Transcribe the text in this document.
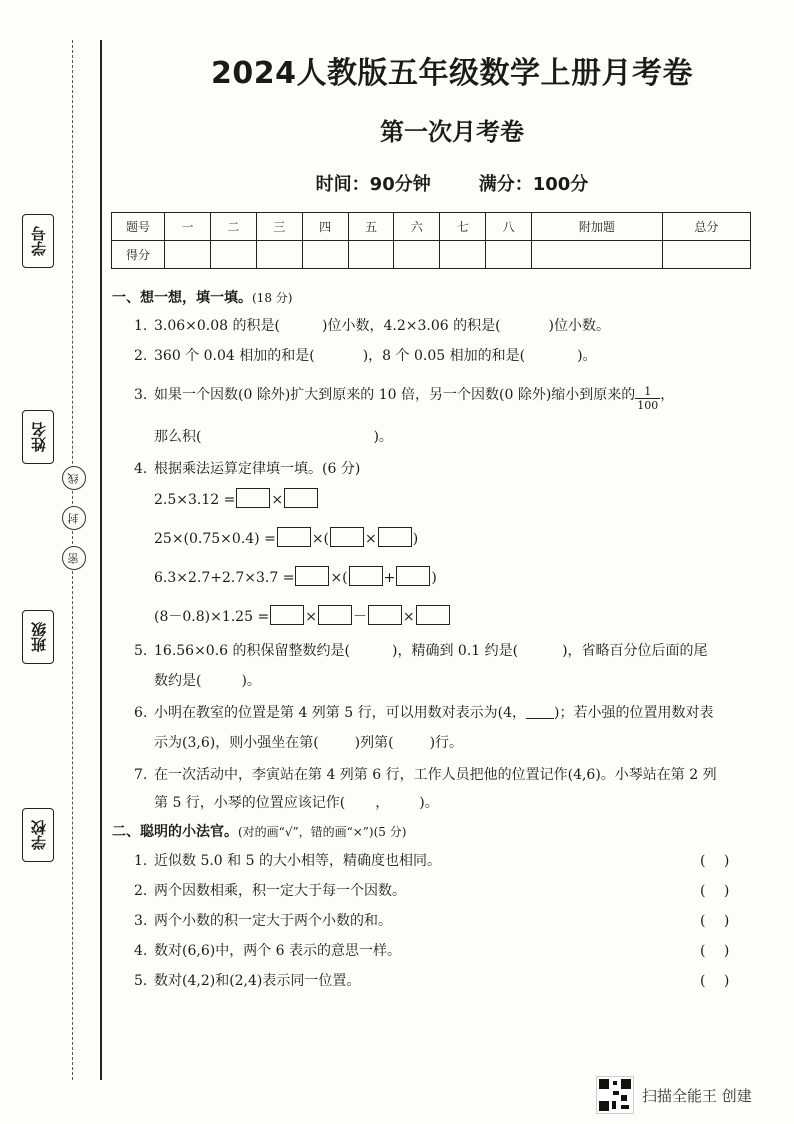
学号
姓名
班级
学校
线
封
密
2024人教版五年级数学上册月考卷
第一次月考卷
时间：90分钟	满分：100分
题号	一	二	三	四	五	六	七	八	附加题	总分
得分										
一、想一想，填一填。(18 分)
1. 3.06×0.08 的积是(	)位小数，4.2×3.06 的积是(	)位小数。
2. 360 个 0.04 相加的和是(	)，8 个 0.05 相加的和是(	)。
3. 如果一个因数(0 除外)扩大到原来的 10 倍，另一个因数(0 除外)缩小到原来的 $\frac{1}{100}$ ，
那么积(	)。
4. 根据乘法运算定律填一填。(6 分)
2.5×3.12 =	×
25×(0.75×0.4) =	×(	×	)
6.3×2.7+2.7×3.7 =	×(	+	)
(8－0.8)×1.25 =	×	－	×
5. 16.56×0.6 的积保留整数约是(	)，精确到 0.1 约是(	)，省略百分位后面的尾
数约是(	)。
6. 小明在教室的位置是第 4 列第 5 行，可以用数对表示为(4， )；若小强的位置用数对表
示为(3,6)，则小强坐在第(	)列第(	)行。
7. 在一次活动中，李寅站在第 4 列第 6 行，工作人员把他的位置记作(4,6)。小琴站在第 2 列
第 5 行，小琴的位置应该记作( ， )。
二、聪明的小法官。(对的画“√”，错的画“×”)(5 分)
1. 近似数 5.0 和 5 的大小相等，精确度也相同。	(　 )
2. 两个因数相乘，积一定大于每一个因数。	(　 )
3. 两个小数的积一定大于两个小数的和。	(　 )
4. 数对(6,6)中，两个 6 表示的意思一样。	(　 )
5. 数对(4,2)和(2,4)表示同一位置。	(　 )
扫描全能王 创建
